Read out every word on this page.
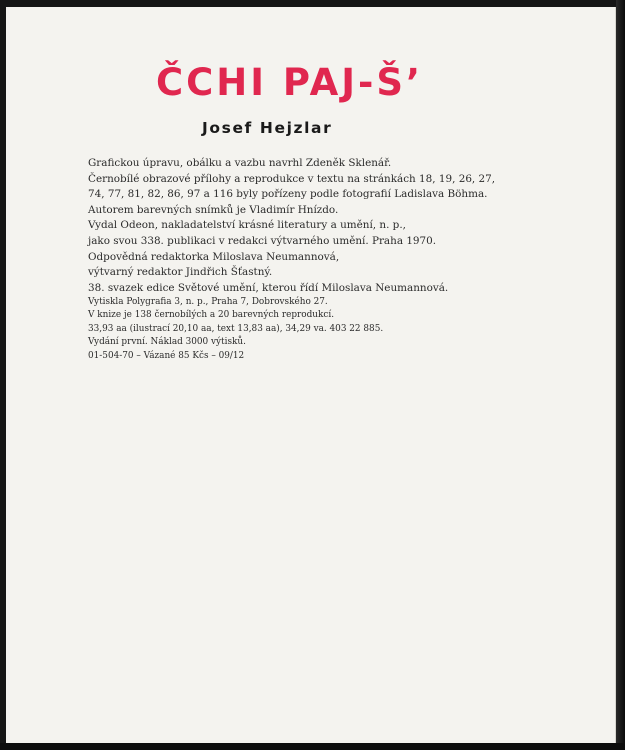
ČCHI PAJ-Š’
Josef Hejzlar
Grafickou úpravu, obálku a vazbu navrhl Zdeněk Sklenář.
Černobílé obrazové přílohy a reprodukce v textu na stránkách 18, 19, 26, 27,
74, 77, 81, 82, 86, 97 a 116 byly pořízeny podle fotografií Ladislava Böhma.
Autorem barevných snímků je Vladimír Hnízdo.
Vydal Odeon, nakladatelství krásné literatury a umění, n. p.,
jako svou 338. publikaci v redakci výtvarného umění. Praha 1970.
Odpovědná redaktorka Miloslava Neumannová,
výtvarný redaktor Jindřich Šťastný.
38. svazek edice Světové umění, kterou řídí Miloslava Neumannová.
Vytiskla Polygrafia 3, n. p., Praha 7, Dobrovského 27.
V knize je 138 černobílých a 20 barevných reprodukcí.
33,93 aa (ilustrací 20,10 aa, text 13,83 aa), 34,29 va. 403 22 885.
Vydání první. Náklad 3000 výtisků.
01-504-70 – Vázané 85 Kčs – 09/12
